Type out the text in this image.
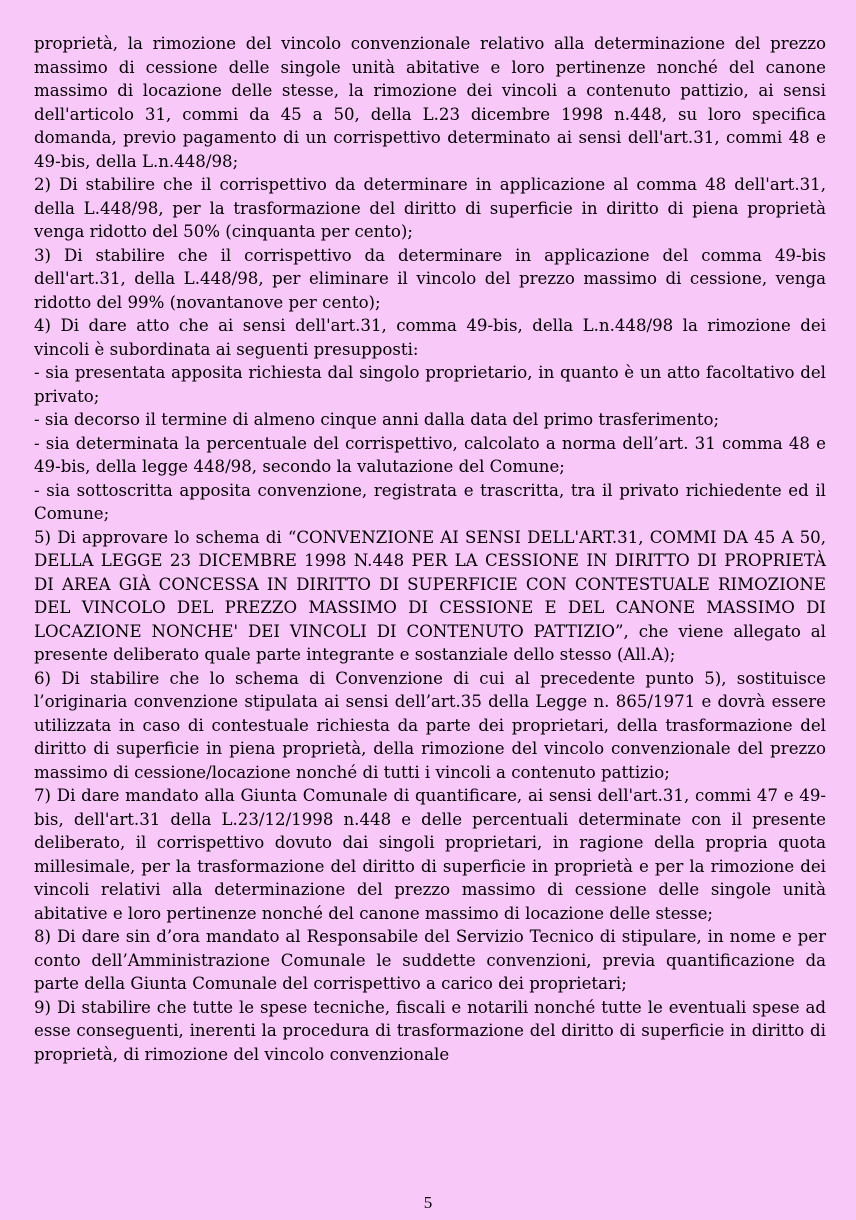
proprietà, la rimozione del vincolo convenzionale relativo alla determinazione del prezzo massimo di cessione delle singole unità abitative e loro pertinenze nonché del canone massimo di locazione delle stesse, la rimozione dei vincoli a contenuto pattizio, ai sensi dell'articolo 31, commi da 45 a 50, della L.23 dicembre 1998 n.448, su loro specifica domanda, previo pagamento di un corrispettivo determinato ai sensi dell'art.31, commi 48 e 49-bis, della L.n.448/98;

2) Di stabilire che il corrispettivo da determinare in applicazione al comma 48 dell'art.31, della L.448/98, per la trasformazione del diritto di superficie in diritto di piena proprietà venga ridotto del 50% (cinquanta per cento);

3) Di stabilire che il corrispettivo da determinare in applicazione del comma 49-bis dell'art.31, della L.448/98, per eliminare il vincolo del prezzo massimo di cessione, venga ridotto del 99% (novantanove per cento);

4) Di dare atto che ai sensi dell'art.31, comma 49-bis, della L.n.448/98 la rimozione dei vincoli è subordinata ai seguenti presupposti:

- sia presentata apposita richiesta dal singolo proprietario, in quanto è un atto facoltativo del privato;

- sia decorso il termine di almeno cinque anni dalla data del primo trasferimento;

- sia determinata la percentuale del corrispettivo, calcolato a norma dell’art. 31 comma 48 e 49-bis, della legge 448/98, secondo la valutazione del Comune;

- sia sottoscritta apposita convenzione, registrata e trascritta, tra il privato richiedente ed il Comune;

5) Di approvare lo schema di “CONVENZIONE AI SENSI DELL'ART.31, COMMI DA 45 A 50, DELLA LEGGE 23 DICEMBRE 1998 N.448 PER LA CESSIONE IN DIRITTO DI PROPRIETÀ DI AREA GIÀ CONCESSA IN DIRITTO DI SUPERFICIE CON CONTESTUALE RIMOZIONE DEL VINCOLO DEL PREZZO MASSIMO DI CESSIONE E DEL CANONE MASSIMO DI LOCAZIONE NONCHE' DEI VINCOLI DI CONTENUTO PATTIZIO”, che viene allegato al presente deliberato quale parte integrante e sostanziale dello stesso (All.A);

6) Di stabilire che lo schema di Convenzione di cui al precedente punto 5), sostituisce l’originaria convenzione stipulata ai sensi dell’art.35 della Legge n. 865/1971 e dovrà essere utilizzata in caso di contestuale richiesta da parte dei proprietari, della trasformazione del diritto di superficie in piena proprietà, della rimozione del vincolo convenzionale del prezzo massimo di cessione/locazione nonché di tutti i vincoli a contenuto pattizio;

7) Di dare mandato alla Giunta Comunale di quantificare, ai sensi dell'art.31, commi 47 e 49-bis, dell'art.31 della L.23/12/1998 n.448 e delle percentuali determinate con il presente deliberato, il corrispettivo dovuto dai singoli proprietari, in ragione della propria quota millesimale, per la trasformazione del diritto di superficie in proprietà e per la rimozione dei vincoli relativi alla determinazione del prezzo massimo di cessione delle singole unità abitative e loro pertinenze nonché del canone massimo di locazione delle stesse;

8) Di dare sin d’ora mandato al Responsabile del Servizio Tecnico di stipulare, in nome e per conto dell’Amministrazione Comunale le suddette convenzioni, previa quantificazione da parte della Giunta Comunale del corrispettivo a carico dei proprietari;

9) Di stabilire che tutte le spese tecniche, fiscali e notarili nonché tutte le eventuali spese ad esse conseguenti, inerenti la procedura di trasformazione del diritto di superficie in diritto di proprietà, di rimozione del vincolo convenzionale

5
